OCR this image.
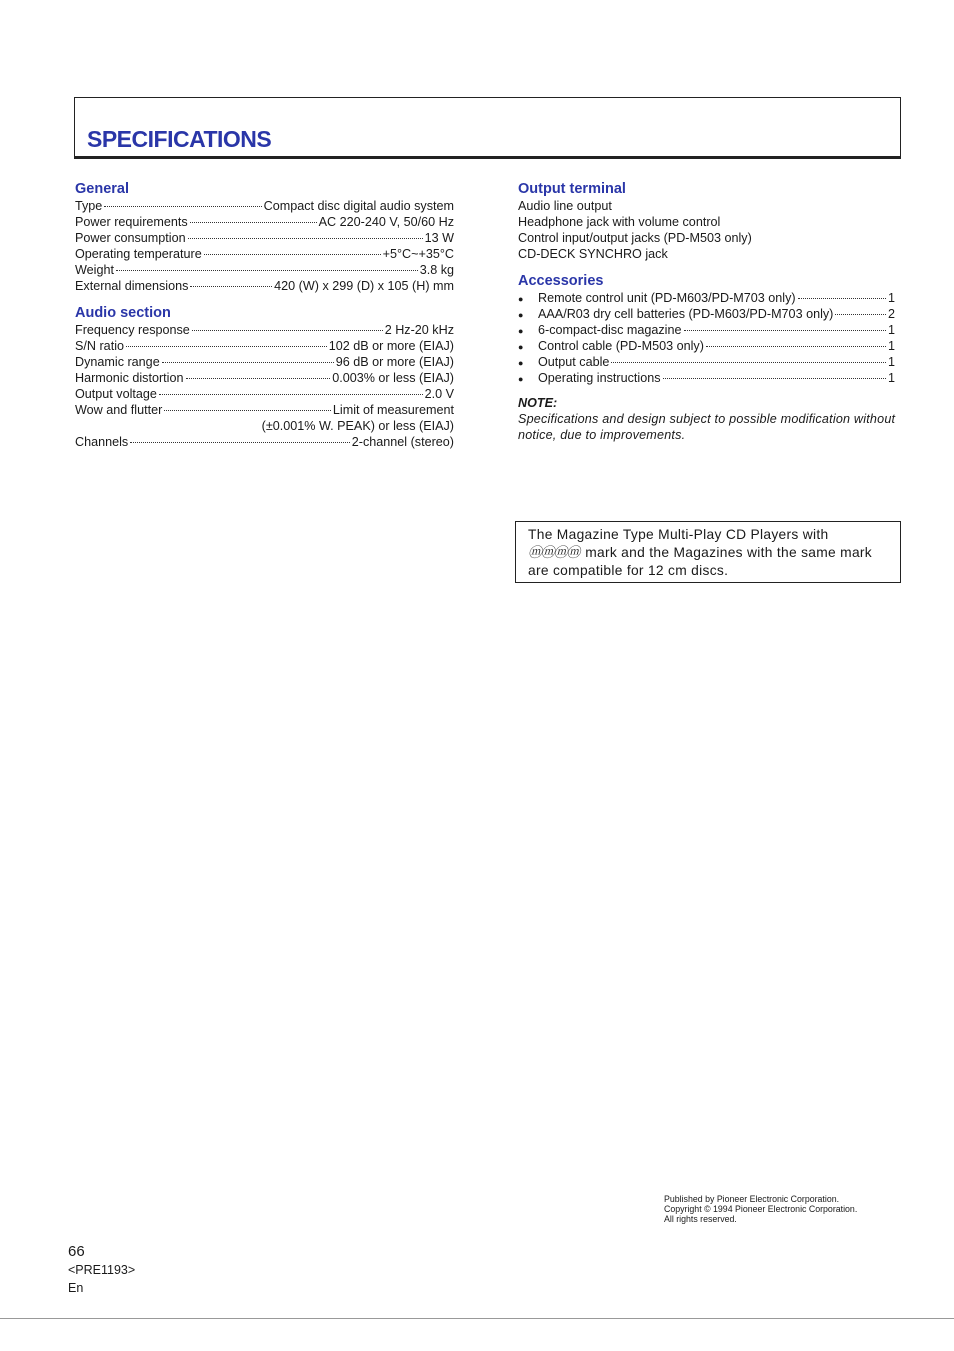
SPECIFICATIONS
General
Type	Compact disc digital audio system
Power requirements	AC 220-240 V, 50/60 Hz
Power consumption	13 W
Operating temperature	+5°C~+35°C
Weight	3.8 kg
External dimensions	420 (W) x 299 (D) x 105 (H) mm
Audio section
Frequency response	2 Hz-20 kHz
S/N ratio	102 dB or more (EIAJ)
Dynamic range	96 dB or more (EIAJ)
Harmonic distortion	0.003% or less (EIAJ)
Output voltage	2.0 V
Wow and flutter	Limit of measurement
(±0.001% W. PEAK) or less (EIAJ)
Channels	2-channel (stereo)
Output terminal
Audio line output
Headphone jack with volume control
Control input/output jacks (PD-M503 only)
CD-DECK SYNCHRO jack
Accessories
●	Remote control unit (PD-M603/PD-M703 only)	1
●	AAA/R03 dry cell batteries (PD-M603/PD-M703 only)	2
●	6-compact-disc magazine	1
●	Control cable (PD-M503 only)	1
●	Output cable	1
●	Operating instructions	1
NOTE:
Specifications and design subject to possible modification without notice, due to improvements.
The Magazine Type Multi-Play CD Players with
ⓜⓜⓜⓜ mark and the Magazines with the same mark
are compatible for 12 cm discs.
Published by Pioneer Electronic Corporation.
Copyright © 1994 Pioneer Electronic Corporation.
All rights reserved.
66
<PRE1193>
En
